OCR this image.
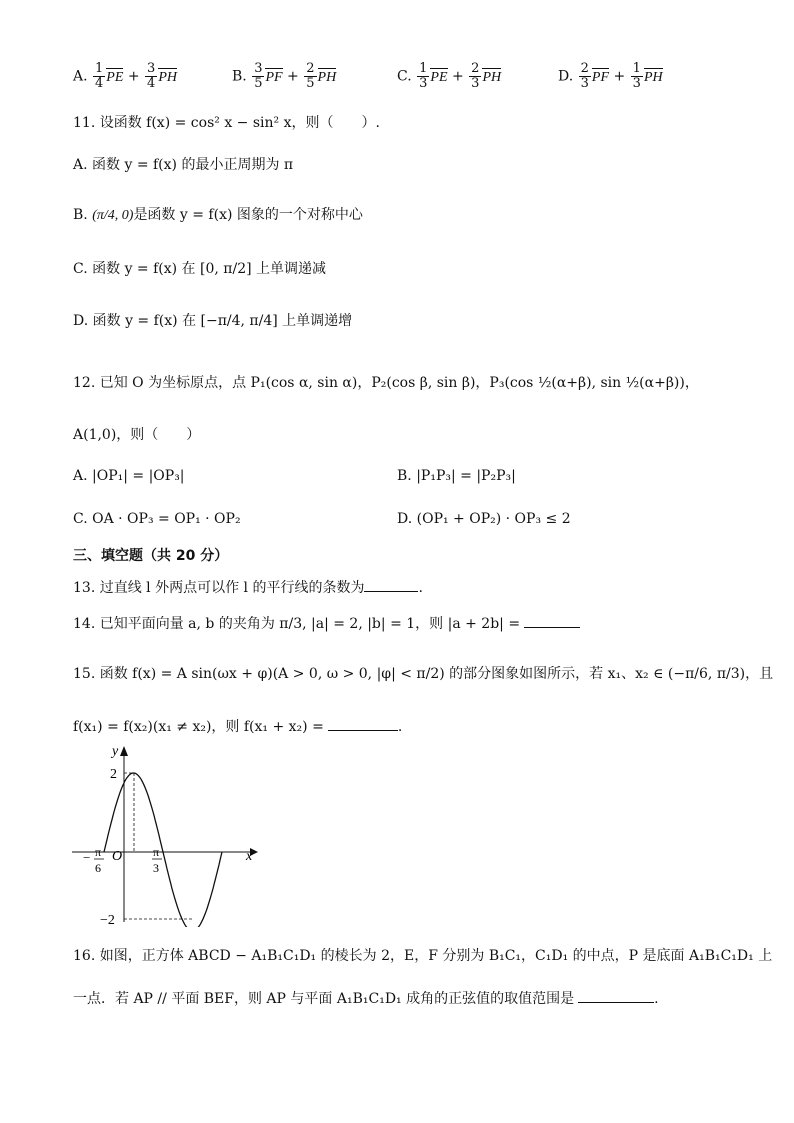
A. $\frac{1}{4}$ PE + $\frac{3}{4}$ PH	B. $\frac{3}{5}$ PF + $\frac{2}{5}$ PH	C. $\frac{1}{3}$ PE + $\frac{2}{3}$ PH	D. $\frac{2}{3}$ PF + $\frac{1}{3}$ PH
11. 设函数 f(x) = cos² x − sin² x，则（　　）.
A. 函数 y = f(x) 的最小正周期为 π
B. (π/4, 0)是函数 y = f(x) 图象的一个对称中心
C. 函数 y = f(x) 在 [0, π/2] 上单调递减
D. 函数 y = f(x) 在 [−π/4, π/4] 上单调递增
12. 已知 O 为坐标原点，点 P₁(cos α, sin α)，P₂(cos β, sin β)，P₃(cos ½(α+β), sin ½(α+β))，
A(1,0)，则（　　）
A. |OP₁| = |OP₃|	B. |P₁P₃| = |P₂P₃|
C. OA · OP₃ = OP₁ · OP₂	D. (OP₁ + OP₂) · OP₃ ≤ 2
三、填空题（共 20 分）
13. 过直线 l 外两点可以作 l 的平行线的条数为	.
14. 已知平面向量 a, b 的夹角为 π/3, |a| = 2, |b| = 1，则 |a + 2b| =
15. 函数 f(x) = A sin(ωx + φ)(A > 0, ω > 0, |φ| < π/2) 的部分图象如图所示，若 x₁、x₂ ∈ (−π/6, π/3)，且
f(x₁) = f(x₂)(x₁ ≠ x₂)，则 f(x₁ + x₂) =	.
y
x
O
2
−2
− π
6
π
3
16. 如图，正方体 ABCD − A₁B₁C₁D₁ 的棱长为 2，E，F 分别为 B₁C₁，C₁D₁ 的中点，P 是底面 A₁B₁C₁D₁ 上
一点．若 AP // 平面 BEF，则 AP 与平面 A₁B₁C₁D₁ 成角的正弦值的取值范围是	.
